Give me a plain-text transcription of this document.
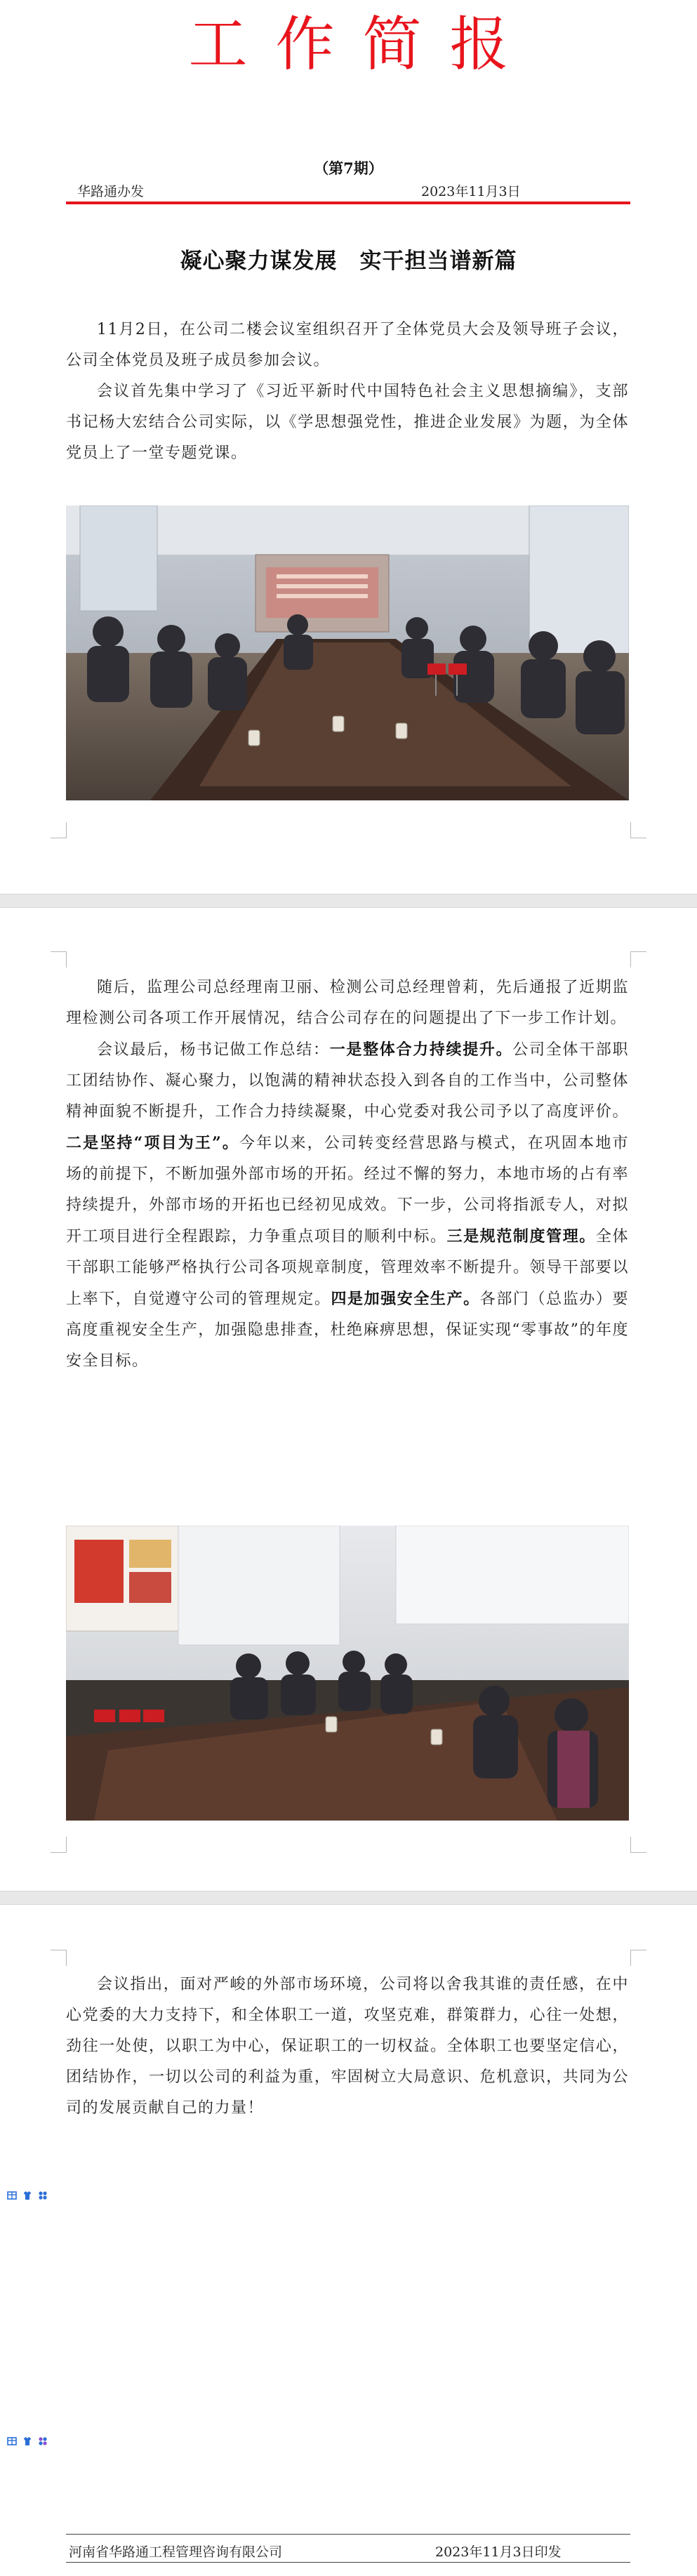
工作简报
（第7期）
华路通办发	2023年11月3日
凝心聚力谋发展　实干担当谱新篇

11月2日，在公司二楼会议室组织召开了全体党员大会及领导班子会议，公司全体党员及班子成员参加会议。

会议首先集中学习了《习近平新时代中国特色社会主义思想摘编》，支部书记杨大宏结合公司实际，以《学思想强党性，推进企业发展》为题，为全体党员上了一堂专题党课。

随后，监理公司总经理南卫丽、检测公司总经理曾莉，先后通报了近期监理检测公司各项工作开展情况，结合公司存在的问题提出了下一步工作计划。

会议最后，杨书记做工作总结：一是整体合力持续提升。公司全体干部职工团结协作、凝心聚力，以饱满的精神状态投入到各自的工作当中，公司整体精神面貌不断提升，工作合力持续凝聚，中心党委对我公司予以了高度评价。二是坚持“项目为王”。今年以来，公司转变经营思路与模式，在巩固本地市场的前提下，不断加强外部市场的开拓。经过不懈的努力，本地市场的占有率持续提升，外部市场的开拓也已经初见成效。下一步，公司将指派专人，对拟开工项目进行全程跟踪，力争重点项目的顺利中标。三是规范制度管理。全体干部职工能够严格执行公司各项规章制度，管理效率不断提升。领导干部要以上率下，自觉遵守公司的管理规定。四是加强安全生产。各部门（总监办）要高度重视安全生产，加强隐患排查，杜绝麻痹思想，保证实现“零事故”的年度安全目标。

会议指出，面对严峻的外部市场环境，公司将以舍我其谁的责任感，在中心党委的大力支持下，和全体职工一道，攻坚克难，群策群力，心往一处想，劲往一处使，以职工为中心，保证职工的一切权益。全体职工也要坚定信心，团结协作，一切以公司的利益为重，牢固树立大局意识、危机意识，共同为公司的发展贡献自己的力量！

河南省华路通工程管理咨询有限公司	2023年11月3日印发
